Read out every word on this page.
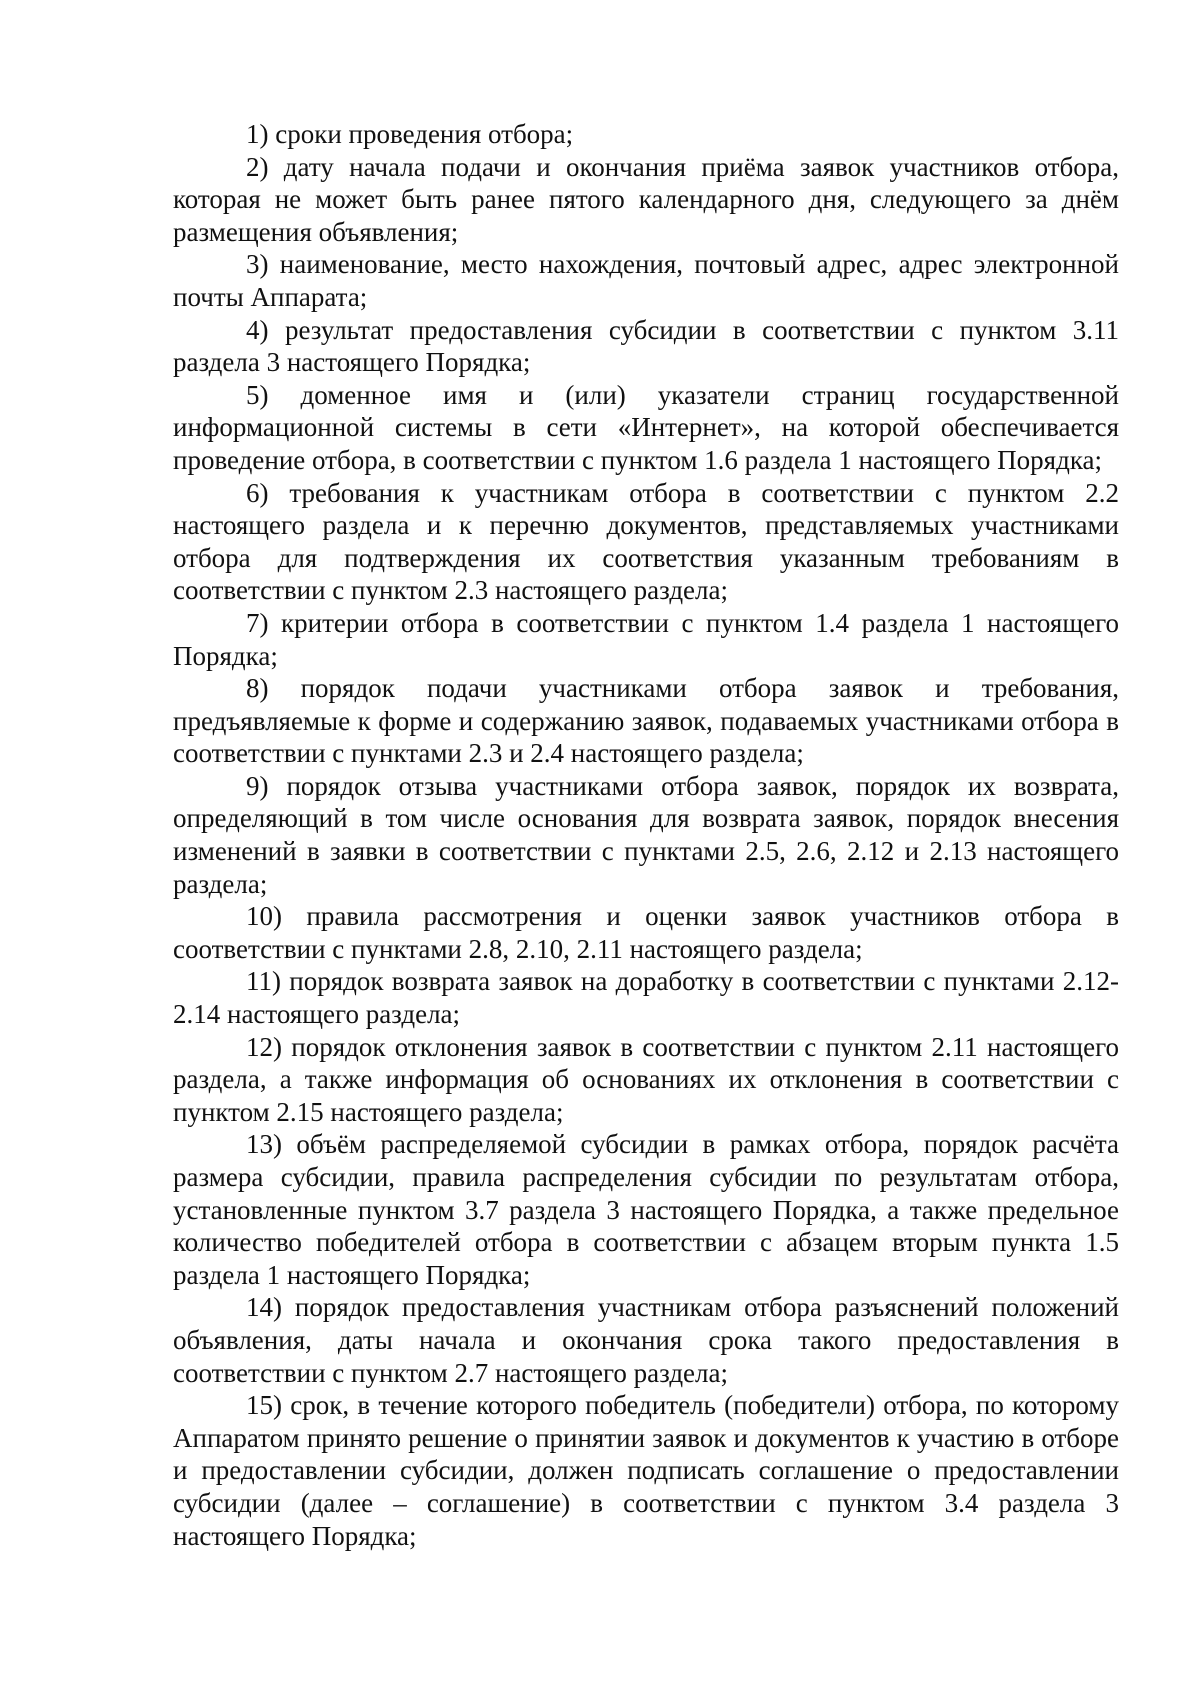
1) сроки проведения отбора;

2) дату начала подачи и окончания приёма заявок участников отбора, которая не может быть ранее пятого календарного дня, следующего за днём размещения объявления;

3) наименование, место нахождения, почтовый адрес, адрес электронной почты Аппарата;

4) результат предоставления субсидии в соответствии с пунктом 3.11 раздела 3 настоящего Порядка;

5) доменное имя и (или) указатели страниц государственной информационной системы в сети «Интернет», на которой обеспечивается проведение отбора, в соответствии с пунктом 1.6 раздела 1 настоящего Порядка;

6) требования к участникам отбора в соответствии с пунктом 2.2 настоящего раздела и к перечню документов, представляемых участниками отбора для подтверждения их соответствия указанным требованиям в соответствии с пунктом 2.3 настоящего раздела;

7) критерии отбора в соответствии с пунктом 1.4 раздела 1 настоящего Порядка;

8) порядок подачи участниками отбора заявок и требования, предъявляемые к форме и содержанию заявок, подаваемых участниками отбора в соответствии с пунктами 2.3 и 2.4 настоящего раздела;

9) порядок отзыва участниками отбора заявок, порядок их возврата, определяющий в том числе основания для возврата заявок, порядок внесения изменений в заявки в соответствии с пунктами 2.5, 2.6, 2.12 и 2.13 настоящего раздела;

10) правила рассмотрения и оценки заявок участников отбора в соответствии с пунктами 2.8, 2.10, 2.11 настоящего раздела;

11) порядок возврата заявок на доработку в соответствии с пунктами 2.12-2.14 настоящего раздела;

12) порядок отклонения заявок в соответствии с пунктом 2.11 настоящего раздела, а также информация об основаниях их отклонения в соответствии с пунктом 2.15 настоящего раздела;

13) объём распределяемой субсидии в рамках отбора, порядок расчёта размера субсидии, правила распределения субсидии по результатам отбора, установленные пунктом 3.7 раздела 3 настоящего Порядка, а также предельное количество победителей отбора в соответствии с абзацем вторым пункта 1.5 раздела 1 настоящего Порядка;

14) порядок предоставления участникам отбора разъяснений положений объявления, даты начала и окончания срока такого предоставления в соответствии с пунктом 2.7 настоящего раздела;

15) срок, в течение которого победитель (победители) отбора, по которому Аппаратом принято решение о принятии заявок и документов к участию в отборе и предоставлении субсидии, должен подписать соглашение о предоставлении субсидии (далее – соглашение) в соответствии с пунктом 3.4 раздела 3 настоящего Порядка;
